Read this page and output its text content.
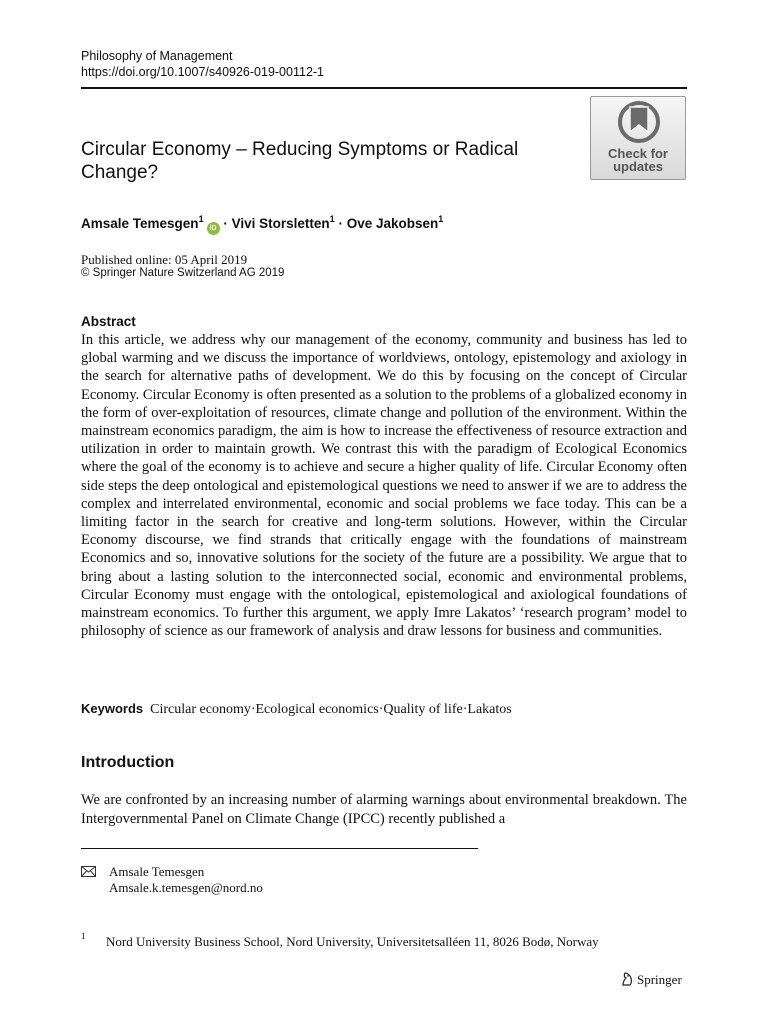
Philosophy of Management
https://doi.org/10.1007/s40926-019-00112-1
Check for
updates
Circular Economy – Reducing Symptoms or Radical Change?
Amsale Temesgen$^1$iD · Vivi Storsletten$^1$ · Ove Jakobsen$^1$
Published online: 05 April 2019
© Springer Nature Switzerland AG 2019
Abstract

In this article, we address why our management of the economy, community and business has led to global warming and we discuss the importance of worldviews, ontology, epistemology and axiology in the search for alternative paths of development. We do this by focusing on the concept of Circular Economy. Circular Economy is often presented as a solution to the problems of a globalized economy in the form of over-exploitation of resources, climate change and pollution of the environment. Within the mainstream economics paradigm, the aim is how to increase the effectiveness of resource extraction and utilization in order to maintain growth. We contrast this with the paradigm of Ecological Economics where the goal of the economy is to achieve and secure a higher quality of life. Circular Economy often side steps the deep ontological and epistemological questions we need to answer if we are to address the complex and interrelated environmental, economic and social problems we face today. This can be a limiting factor in the search for creative and long-term solutions. However, within the Circular Economy discourse, we find strands that critically engage with the foundations of mainstream Economics and so, innovative solutions for the society of the future are a possibility. We argue that to bring about a lasting solution to the interconnected social, economic and environmental problems, Circular Economy must engage with the ontological, epistemological and axiological foundations of mainstream economics. To further this argument, we apply Imre Lakatos’ ‘research program’ model to philosophy of science as our framework of analysis and draw lessons for business and communities.

Keywords Circular economy·Ecological economics·Quality of life·Lakatos
Introduction

We are confronted by an increasing number of alarming warnings about environmental breakdown. The Intergovernmental Panel on Climate Change (IPCC) recently published a

Amsale Temesgen
Amsale.k.temesgen@nord.no
1 Nord University Business School, Nord University, Universitetsalléen 11, 8026 Bodø, Norway
Springer
